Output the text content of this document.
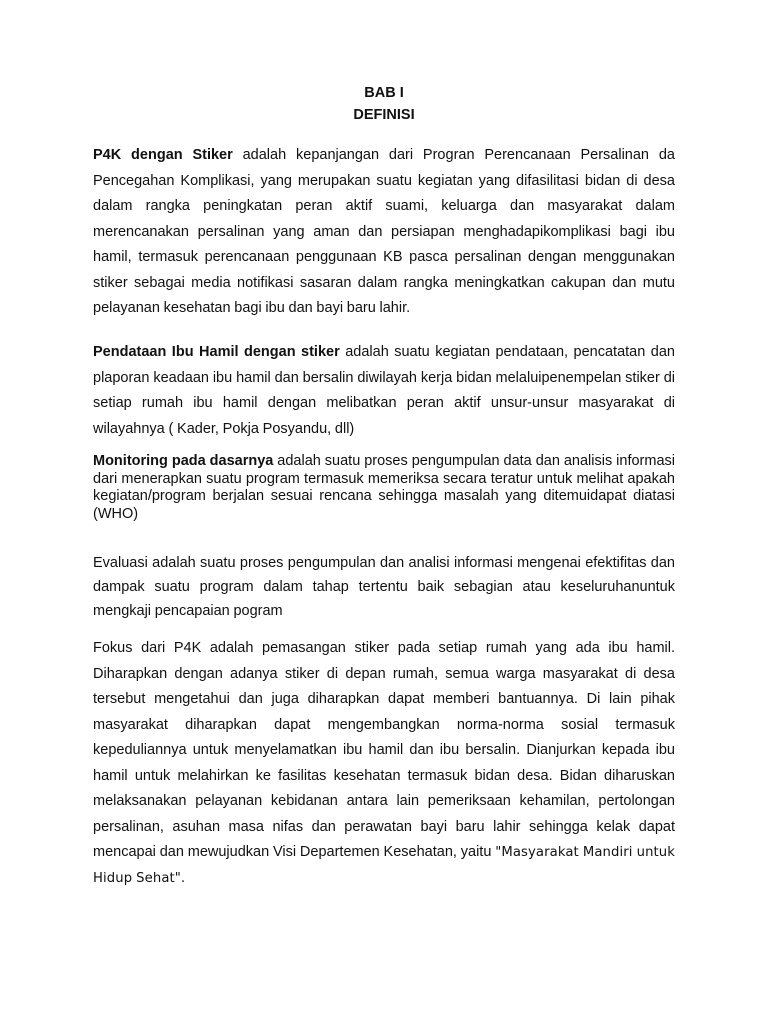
BAB I
DEFINISI

P4K dengan Stiker adalah kepanjangan dari Progran Perencanaan Persalinan da Pencegahan Komplikasi, yang merupakan suatu kegiatan yang difasilitasi bidan di desa dalam rangka peningkatan peran aktif suami, keluarga dan masyarakat dalam merencanakan persalinan yang aman dan persiapan menghadapikomplikasi bagi ibu hamil, termasuk perencanaan penggunaan KB pasca persalinan dengan menggunakan stiker sebagai media notifikasi sasaran dalam rangka meningkatkan cakupan dan mutu pelayanan kesehatan bagi ibu dan bayi baru lahir.

Pendataan Ibu Hamil dengan stiker adalah suatu kegiatan pendataan, pencatatan dan plaporan keadaan ibu hamil dan bersalin diwilayah kerja bidan melaluipenempelan stiker di setiap rumah ibu hamil dengan melibatkan peran aktif unsur-unsur masyarakat di wilayahnya ( Kader, Pokja Posyandu, dll)

Monitoring pada dasarnya adalah suatu proses pengumpulan data dan analisis informasi dari menerapkan suatu program termasuk memeriksa secara teratur untuk melihat apakah kegiatan/program berjalan sesuai rencana sehingga masalah yang ditemuidapat diatasi (WHO)

Evaluasi adalah suatu proses pengumpulan dan analisi informasi mengenai efektifitas dan dampak suatu program dalam tahap tertentu baik sebagian atau keseluruhanuntuk mengkaji pencapaian pogram

Fokus dari P4K adalah pemasangan stiker pada setiap rumah yang ada ibu hamil. Diharapkan dengan adanya stiker di depan rumah, semua warga masyarakat di desa tersebut mengetahui dan juga diharapkan dapat memberi bantuannya. Di lain pihak masyarakat diharapkan dapat mengembangkan norma-norma sosial termasuk kepeduliannya untuk menyelamatkan ibu hamil dan ibu bersalin. Dianjurkan kepada ibu hamil untuk melahirkan ke fasilitas kesehatan termasuk bidan desa. Bidan diharuskan melaksanakan pelayanan kebidanan antara lain pemeriksaan kehamilan, pertolongan persalinan, asuhan masa nifas dan perawatan bayi baru lahir sehingga kelak dapat mencapai dan mewujudkan Visi Departemen Kesehatan, yaitu "Masyarakat Mandiri untuk Hidup Sehat".
